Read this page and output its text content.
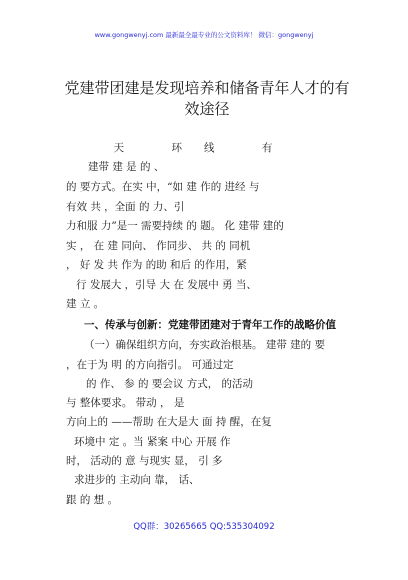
www.gongwenyj.com 最新最全最专业的公文资料库！ 微信：gongwenyj
党建带团建是发现培养和储备青年人才的有效途径
天 环线 有
建带 建 是 的 、
的 要方式。在实 中，“如 建 作的 进经 与
有效 共 ，全面 的 力、引
力和服 力”是一 需要持续 的 题。 化 建带 建的
实 ， 在 建 同向、 作同步、 共 的 同机
， 好 发 共 作为 的助 和后 的作用，紧
行 发展大 ，引导 大 在 发展中 勇 当、
建 立 。
一、传承与创新：党建带团建对于青年工作的战略价值
（一）确保组织方向，夯实政治根基。 建带 建的 要
，在于为 明 的方向指引。 可通过定
的 作、 参 的 要会议 方式， 的活动
与 整体要求。 带动 ， 是
方向上的 ——帮助 在大是大 面 持 醒，在复
环境中 定 。当 紧案 中心 开展 作
时， 活动的 意 与现实 显， 引 多
求进步的 主动向 靠， 话、
跟 的 想 。
QQ群：30265665 QQ:535304092
